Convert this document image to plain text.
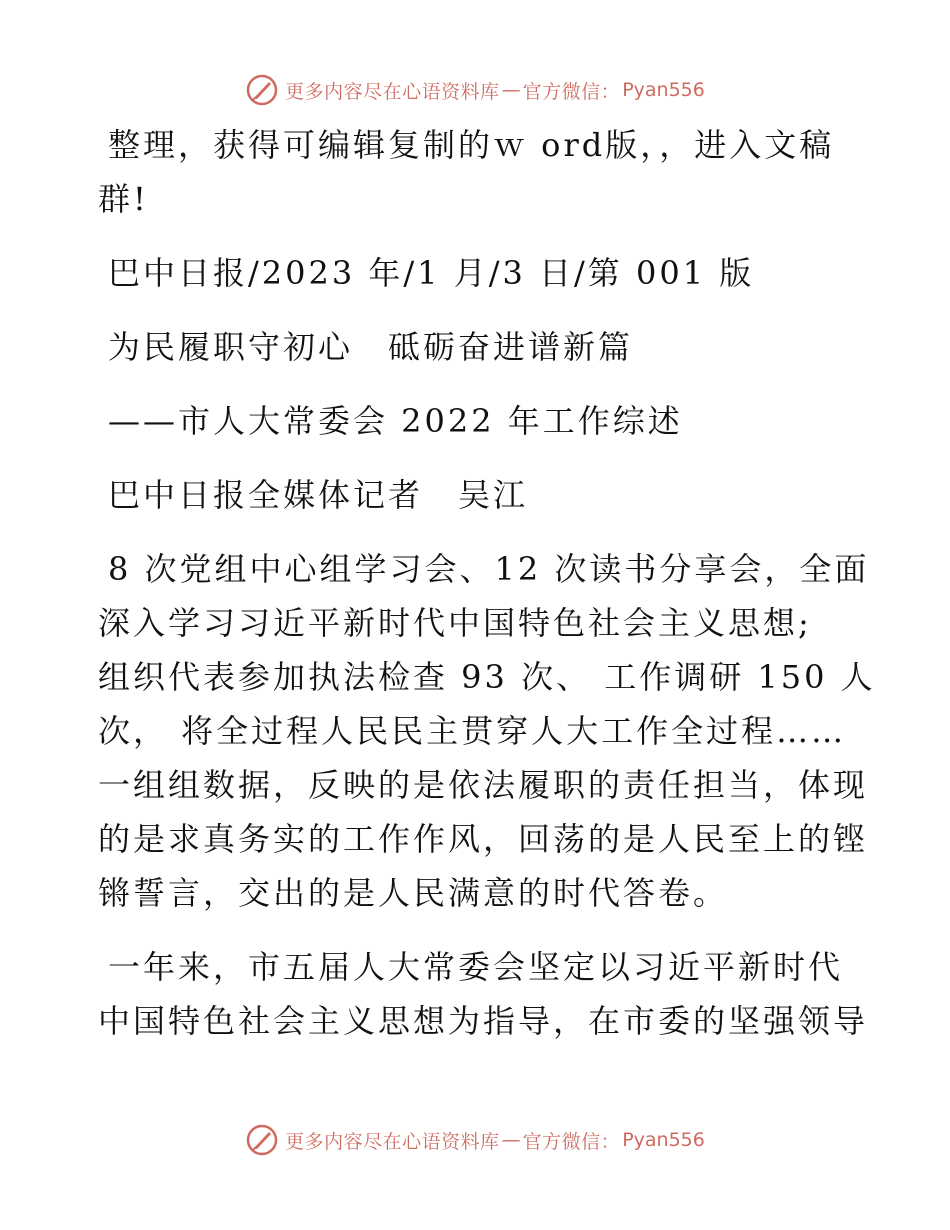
更多内容尽在心语资料库 — 官方微信： Pyan556
整理，获得可编辑复制的ｗ ord版，，进入文稿
群!
巴中日报/2023 年/1 月/3 日/第 001 版
为民履职守初心　砥砺奋进谱新篇
——市人大常委会 2022 年工作综述
巴中日报全媒体记者　吴江
8 次党组中心组学习会、12 次读书分享会，全面
深入学习习近平新时代中国特色社会主义思想;
组织代表参加执法检查 93 次、 工作调研 150 人
次， 将全过程人民民主贯穿人大工作全过程……
一组组数据，反映的是依法履职的责任担当，体现
的是求真务实的工作作风，回荡的是人民至上的铿
锵誓言，交出的是人民满意的时代答卷。
一年来，市五届人大常委会坚定以习近平新时代
中国特色社会主义思想为指导，在市委的坚强领导
更多内容尽在心语资料库 — 官方微信： Pyan556
